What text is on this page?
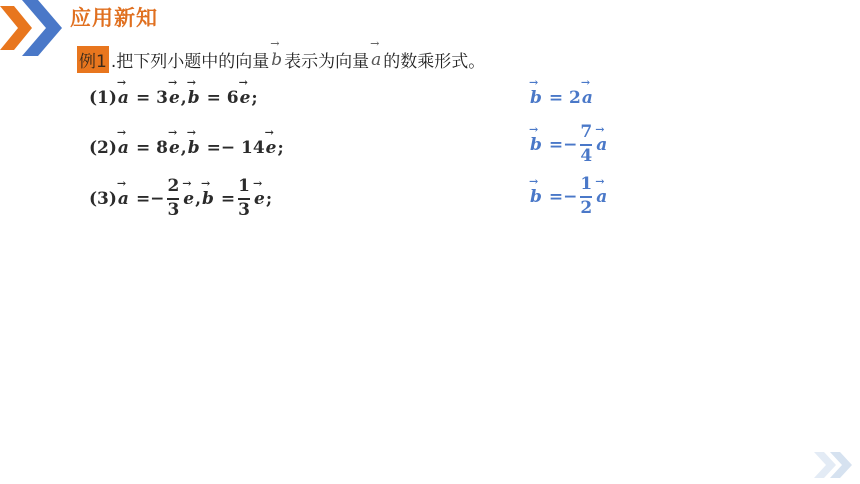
应用新知
例1 .把下列小题中的向量
→ b 表示为向量
→ a 的数乘形式。
(1)
→ a = 3
→ e ,
→ b = 6
→ e ;
(2)
→ a = 8
→ e ,
→ b =− 14
→ e ;
(3)
→ $a =- \frac{2}{3}$
→ e ,
→ $b = \frac{1}{3}$
→ e ;
→ b = 2
→ a
→ $b =- \frac{7}{4}$
→ a
→ $b =- \frac{1}{2}$
→ a
